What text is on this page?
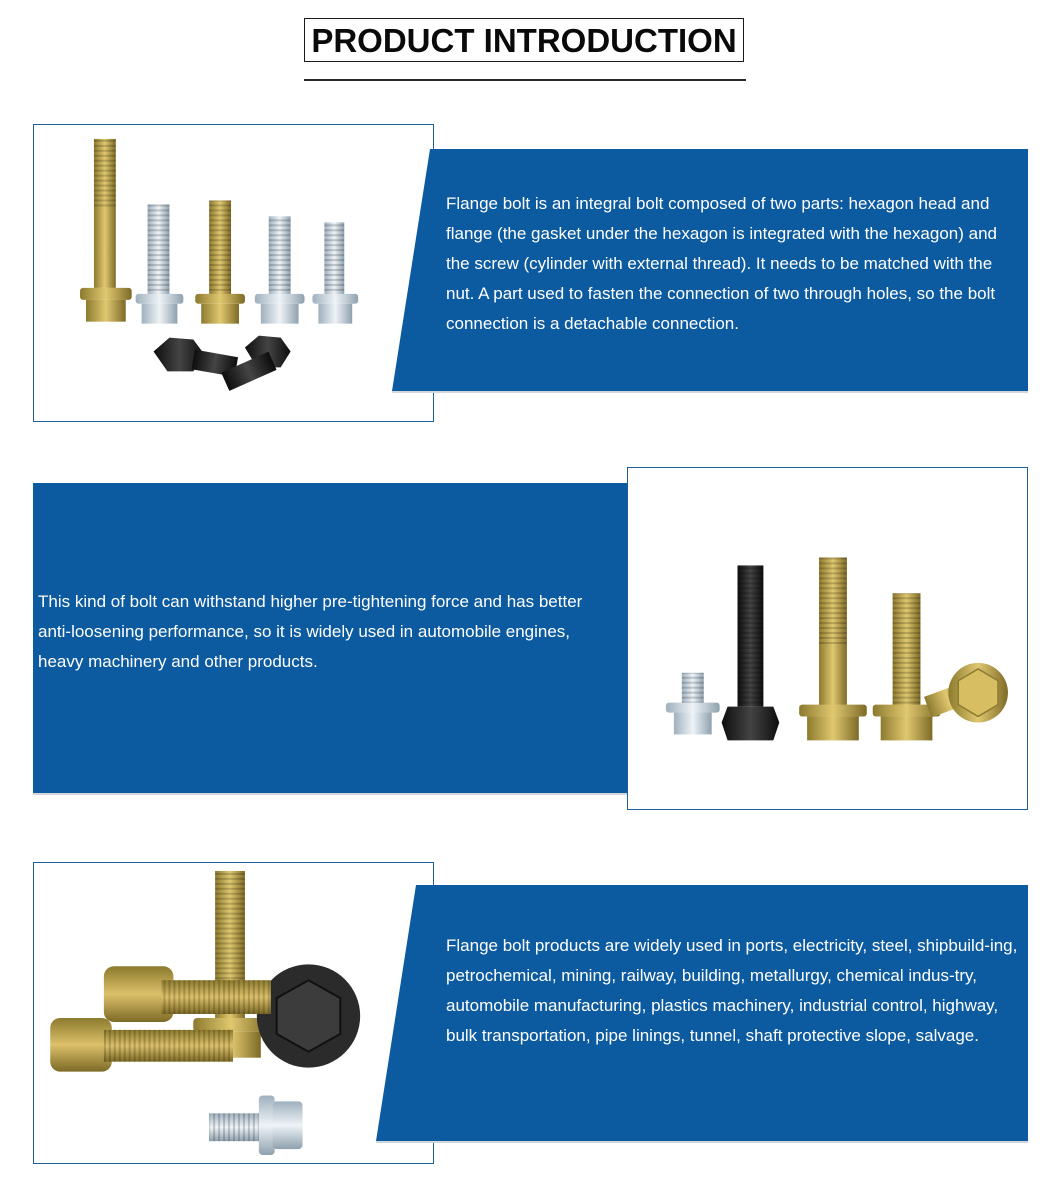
PRODUCT INTRODUCTION
Flange bolt is an integral bolt composed of two parts: hexagon head and flange (the gasket under the hexagon is integrated with the hexagon) and the screw (cylinder with external thread). It needs to be matched with the nut. A part used to fasten the connection of two through holes, so the bolt connection is a detachable connection.
This kind of bolt can withstand higher pre-tightening force and has better anti-loosening performance, so it is widely used in automobile engines, heavy machinery and other products.
Flange bolt products are widely used in ports, electricity, steel, shipbuild-ing, petrochemical, mining, railway, building, metallurgy, chemical indus-try, automobile manufacturing, plastics machinery, industrial control, highway, bulk transportation, pipe linings, tunnel, shaft protective slope, salvage.
